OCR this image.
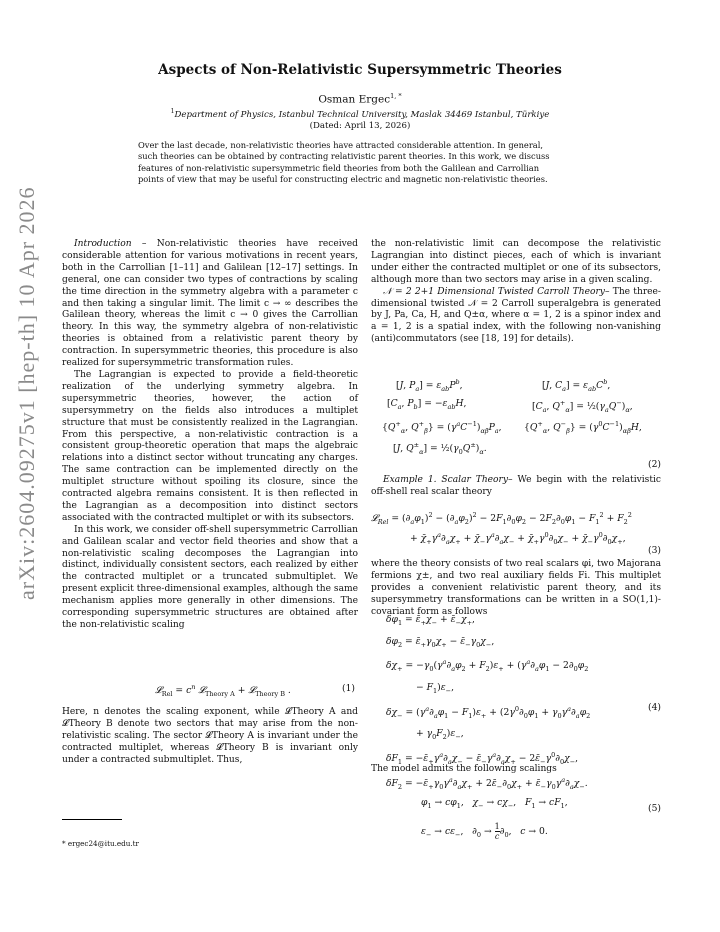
Aspects of Non-Relativistic Supersymmetric Theories
Osman Ergec$^{1, *}$
$^1$Department of Physics, Istanbul Technical University, Maslak 34469 Istanbul, Türkiye
(Dated: April 13, 2026)
Over the last decade, non-relativistic theories have attracted considerable attention. In general,
such theories can be obtained by contracting relativistic parent theories. In this work, we discuss
features of non-relativistic supersymmetric field theories from both the Galilean and Carrollian
points of view that may be useful for constructing electric and magnetic non-relativistic theories.
arXiv:2604.09275v1 [hep-th] 10 Apr 2026	Introduction – Non-relativistic theories have received considerable attention for various motivations in recent years, both in the Carrollian [1–11] and Galilean [12–17] settings. In general, one can consider two types of contractions by scaling the time direction in the symmetry algebra with a parameter c and then taking a singular limit. The limit c → ∞ describes the Galilean theory, whereas the limit c → 0 gives the Carrollian theory. In this way, the symmetry algebra of non-relativistic theories is obtained from a relativistic parent theory by contraction. In supersymmetric theories, this procedure is also realized for supersymmetric transformation rules.

The Lagrangian is expected to provide a field-theoretic realization of the underlying symmetry algebra. In supersymmetric theories, however, the action of supersymmetry on the fields also introduces a multiplet structure that must be consistently realized in the Lagrangian. From this perspective, a non-relativistic contraction is a consistent group-theoretic operation that maps the algebraic relations into a distinct sector without truncating any charges. The same contraction can be implemented directly on the multiplet structure without spoiling its closure, since the contracted algebra remains consistent. It is then reflected in the Lagrangian as a decomposition into distinct sectors associated with the contracted multiplet or with its subsectors.

In this work, we consider off-shell supersymmetric Carrollian and Galilean scalar and vector field theories and show that a non-relativistic scaling decomposes the Lagrangian into distinct, individually consistent sectors, each realized by either the contracted multiplet or a truncated submultiplet. We present explicit three-dimensional examples, although the same mechanism applies more generally in other dimensions. The corresponding supersymmetric structures are obtained after the non-relativistic scaling

𝓛$_{Rel}$ = $c^n$ 𝓛$_{Theory A}$ + 𝓛$_{Theory B}$ .	(1)

Here, n denotes the scaling exponent, while 𝓛Theory A and 𝓛Theory B denote two sectors that may arise from the non-relativistic scaling. The sector 𝓛Theory A is invariant under the contracted multiplet, whereas 𝓛Theory B is invariant only under a contracted submultiplet. Thus,

the non-relativistic limit can decompose the relativistic Lagrangian into distinct pieces, each of which is invariant under either the contracted multiplet or one of its subsectors, although more than two sectors may arise in a given scaling.

𝒩 = 2 2+1 Dimensional Twisted Carroll Theory– The three-dimensional twisted 𝒩 = 2 Carroll superalgebra is generated by J, Pa, Ca, H, and Q±α, where α = 1, 2 is a spinor index and a = 1, 2 is a spatial index, with the following non-vanishing (anti)commutators (see [18, 19] for details).

[J, $P_a] = \varepsilon_{ab}P^b$,	[J, $C_a] = \varepsilon_{ab}C^b$,
[$C_a$, $P_b] = -\varepsilon_{ab}H$,	[$C_a$, $Q^+_\alpha$] = $\frac{1}{2}(\gamma_aQ^-)_\alpha$,
{$Q^+_\alpha$, $Q^+_\beta\} = (\gamma^aC^{-1})_{\alpha\beta}P_a$, {$Q^+_\alpha$, $Q^-_\beta\} = (\gamma^0C^{-1})_{\alpha\beta}H$,
[J, $Q^\pm_\alpha$] = $\frac{1}{2}(\gamma_0Q^\pm)_\alpha$.
(2)

Example 1. Scalar Theory– We begin with the relativistic off-shell real scalar theory

𝓛$_{Rel}$ = $(\partial_a\varphi_1)^2 - (\partial_a\varphi_2)^2 - 2F_1\partial_0\varphi_2 - 2F_2\partial_0\varphi_1 - F_1^2 + F_2^2$
+ $\chī_+\gamma^a\partial_a\chi_+$ + $\chī_-\gamma^a\partial_a\chi_-$ + $\chī_+\gamma^0\partial_0\chi_-$ + $\chī_-\gamma^0\partial_0\chi_+$,
(3)

where the theory consists of two real scalars φi, two Majorana fermions χ±, and two real auxiliary fields Fi. This multiplet provides a convenient relativistic parent theory, and its supersymmetry transformations can be written in a SO(1,1)-covariant form as follows

$\delta\varphi_1$ = $\varepsilon̄_+\chi_-$ + $\varepsilon̄_-\chi_+$,
$\delta\varphi_2$ = $\varepsilon̄_+\gamma_0\chi_+$ − $\varepsilon̄_-\gamma_0\chi_-$,
$\delta\chi_+ = -\gamma_0(\gamma^a\partial_a\varphi_2 + F_2)\varepsilon_+ + (\gamma^a\partial_a\varphi_1 - 2\partial_0\varphi_2$
− $F_1)\varepsilon_-$,
$\delta\chi_- = (\gamma^a\partial_a\varphi_1 - F_1)\varepsilon_+ + (2\gamma^0\partial_0\varphi_1 + \gamma_0\gamma^a\partial_a\varphi_2$
+ $\gamma_0F_2)\varepsilon_-$,
$\delta F_1$ = $-\varepsilon̄_+\gamma^a\partial_a\chi_-$ − $\varepsilon̄_-\gamma^a\partial_a\chi_+$ − $2\varepsilon̄_-\gamma^0\partial_0\chi_-$,
$\delta F_2$ = $-\varepsilon̄_+\gamma_0\gamma^a\partial_a\chi_+$ + $2\varepsilon̄_-\partial_0\chi_+$ + $\varepsilon̄_-\gamma_0\gamma^a\partial_a\chi_-$.
(4)
The model admits the following scalings
$\varphi_1 \to c\varphi_1$,   $\chi_- \to c\chi_-$,   $F_1 \to cF_1$,
$\varepsilon_- \to c\varepsilon_-$,   $\partial_0 \to \frac{1}{c} \partial_0$,   c → 0.
(5)
* ergec24@itu.edu.tr
